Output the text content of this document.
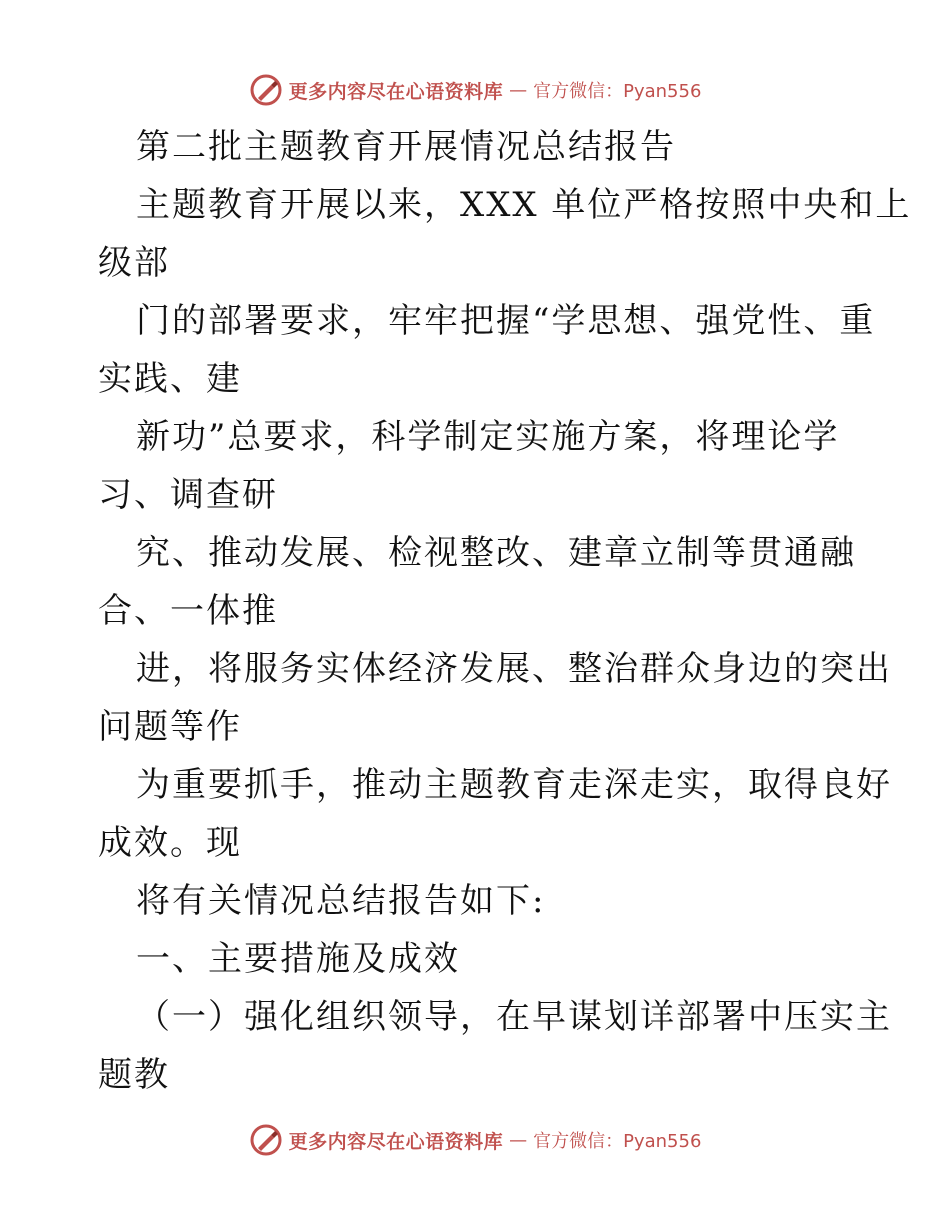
更多内容尽在心语资料库 — 官方微信：Pyan556
第二批主题教育开展情况总结报告
主题教育开展以来，XXX 单位严格按照中央和上
级部
门的部署要求，牢牢把握“学思想、强党性、重
实践、建
新功”总要求，科学制定实施方案，将理论学
习、调查研
究、推动发展、检视整改、建章立制等贯通融
合、一体推
进，将服务实体经济发展、整治群众身边的突出
问题等作
为重要抓手，推动主题教育走深走实，取得良好
成效。现
将有关情况总结报告如下:
一、主要措施及成效
（一）强化组织领导，在早谋划详部署中压实主
题教
更多内容尽在心语资料库 — 官方微信：Pyan556
